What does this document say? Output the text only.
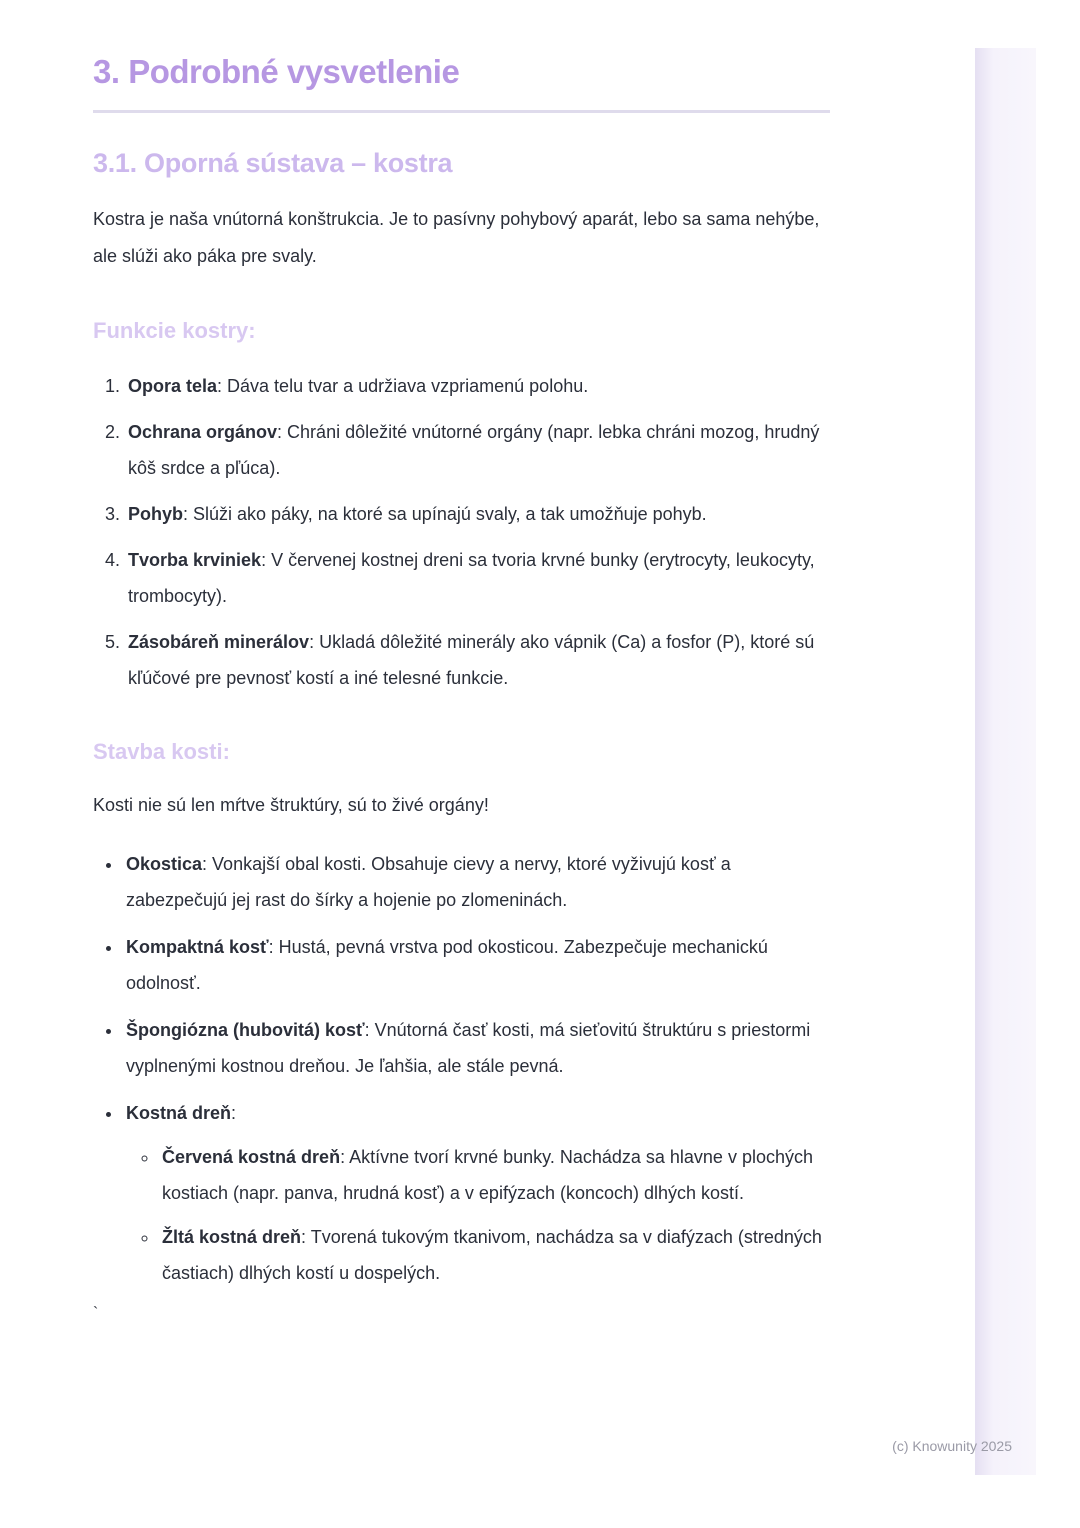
3. Podrobné vysvetlenie
3.1. Oporná sústava – kostra

Kostra je naša vnútorná konštrukcia. Je to pasívny pohybový aparát, lebo sa sama nehýbe, ale slúži ako páka pre svaly.

Funkcie kostry:
1. Opora tela: Dáva telu tvar a udržiava vzpriamenú polohu.
2. Ochrana orgánov: Chráni dôležité vnútorné orgány (napr. lebka chráni mozog, hrudný kôš srdce a pľúca).
3. Pohyb: Slúži ako páky, na ktoré sa upínajú svaly, a tak umožňuje pohyb.
4. Tvorba krviniek: V červenej kostnej dreni sa tvoria krvné bunky (erytrocyty, leukocyty, trombocyty).
5. Zásobáreň minerálov: Ukladá dôležité minerály ako vápnik (Ca) a fosfor (P), ktoré sú kľúčové pre pevnosť kostí a iné telesné funkcie.
Stavba kosti:

Kosti nie sú len mŕtve štruktúry, sú to živé orgány!

• Okostica: Vonkajší obal kosti. Obsahuje cievy a nervy, ktoré vyživujú kosť a zabezpečujú jej rast do šírky a hojenie po zlomeninách.
• Kompaktná kosť: Hustá, pevná vrstva pod okosticou. Zabezpečuje mechanickú odolnosť.
• Špongiózna (hubovitá) kosť: Vnútorná časť kosti, má sieťovitú štruktúru s priestormi vyplnenými kostnou dreňou. Je ľahšia, ale stále pevná.
• Kostná dreň:
◦ Červená kostná dreň: Aktívne tvorí krvné bunky. Nachádza sa hlavne v plochých kostiach (napr. panva, hrudná kosť) a v epifýzach (koncoch) dlhých kostí.
◦ Žltá kostná dreň: Tvorená tukovým tkanivom, nachádza sa v diafýzach (stredných častiach) dlhých kostí u dospelých.
`
(c) Knowunity 2025
